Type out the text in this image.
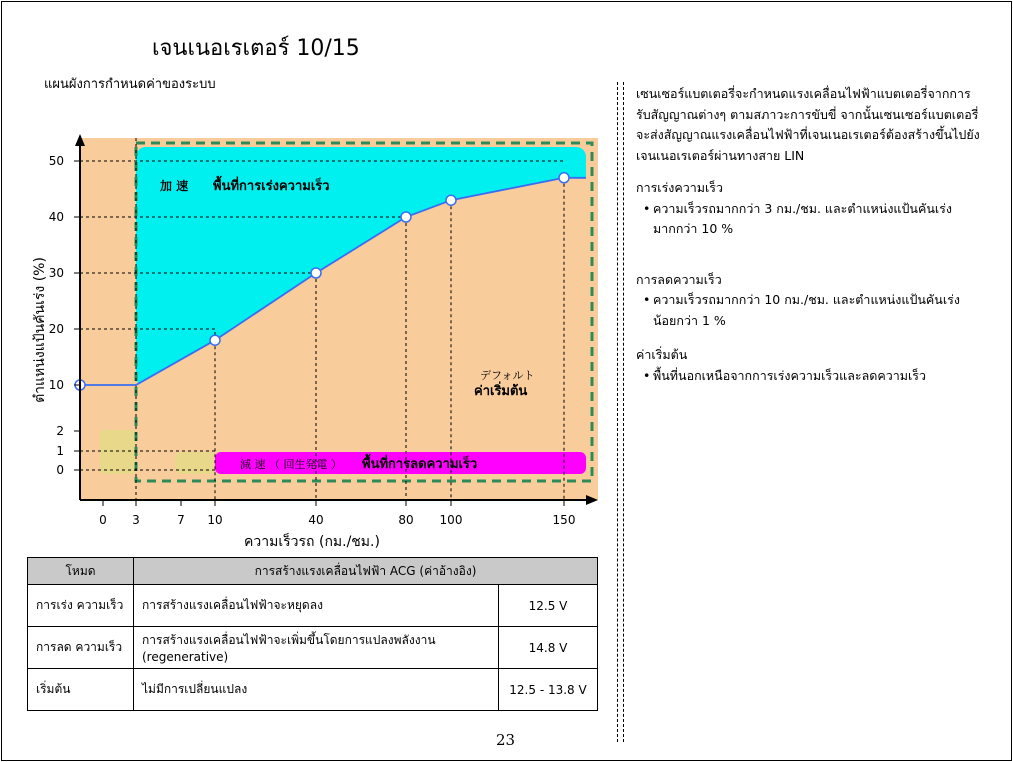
เจนเนอเรเตอร์ 10/15
แผนผังการกำหนดค่าของระบบ
0 3	7 10	40	80 100	150
0
1
2
10
20
30
40
50
ความเร็วรถ (กม./ชม.)
ตำแหน่งแป้นคันเร่ง (%)
加 速 พื้นที่การเร่งความเร็ว
減 速 （ 回生発電 ） พื้นที่การลดความเร็ว
デフォルト
ค่าเริ่มต้น
โหมด	การสร้างแรงเคลื่อนไฟฟ้า ACG (ค่าอ้างอิง)	
การเร่ง ความเร็ว	การสร้างแรงเคลื่อนไฟฟ้าจะหยุดลง	12.5 V
การลด ความเร็ว	การสร้างแรงเคลื่อนไฟฟ้าจะเพิ่มขึ้นโดยการแปลงพลังงาน (regenerative)	14.8 V
เริ่มต้น	ไม่มีการเปลี่ยนแปลง	12.5 - 13.8 V
23

เซนเซอร์แบตเตอรี่จะกำหนดแรงเคลื่อนไฟฟ้าแบตเตอรี่จากการรับสัญญาณต่างๆ ตามสภาวะการขับขี่ จากนั้นเซนเซอร์แบตเตอรี่จะส่งสัญญาณแรงเคลื่อนไฟฟ้าที่เจนเนอเรเตอร์ต้องสร้างขึ้นไปยังเจนเนอเรเตอร์ผ่านทางสาย LIN

การเร่งความเร็ว

• ความเร็วรถมากกว่า 3 กม./ชม. และตำแหน่งแป้นคันเร่งมากกว่า 10 %

การลดความเร็ว

• ความเร็วรถมากกว่า 10 กม./ชม. และตำแหน่งแป้นคันเร่งน้อยกว่า 1 %

ค่าเริ่มต้น

• พื้นที่นอกเหนือจากการเร่งความเร็วและลดความเร็ว
